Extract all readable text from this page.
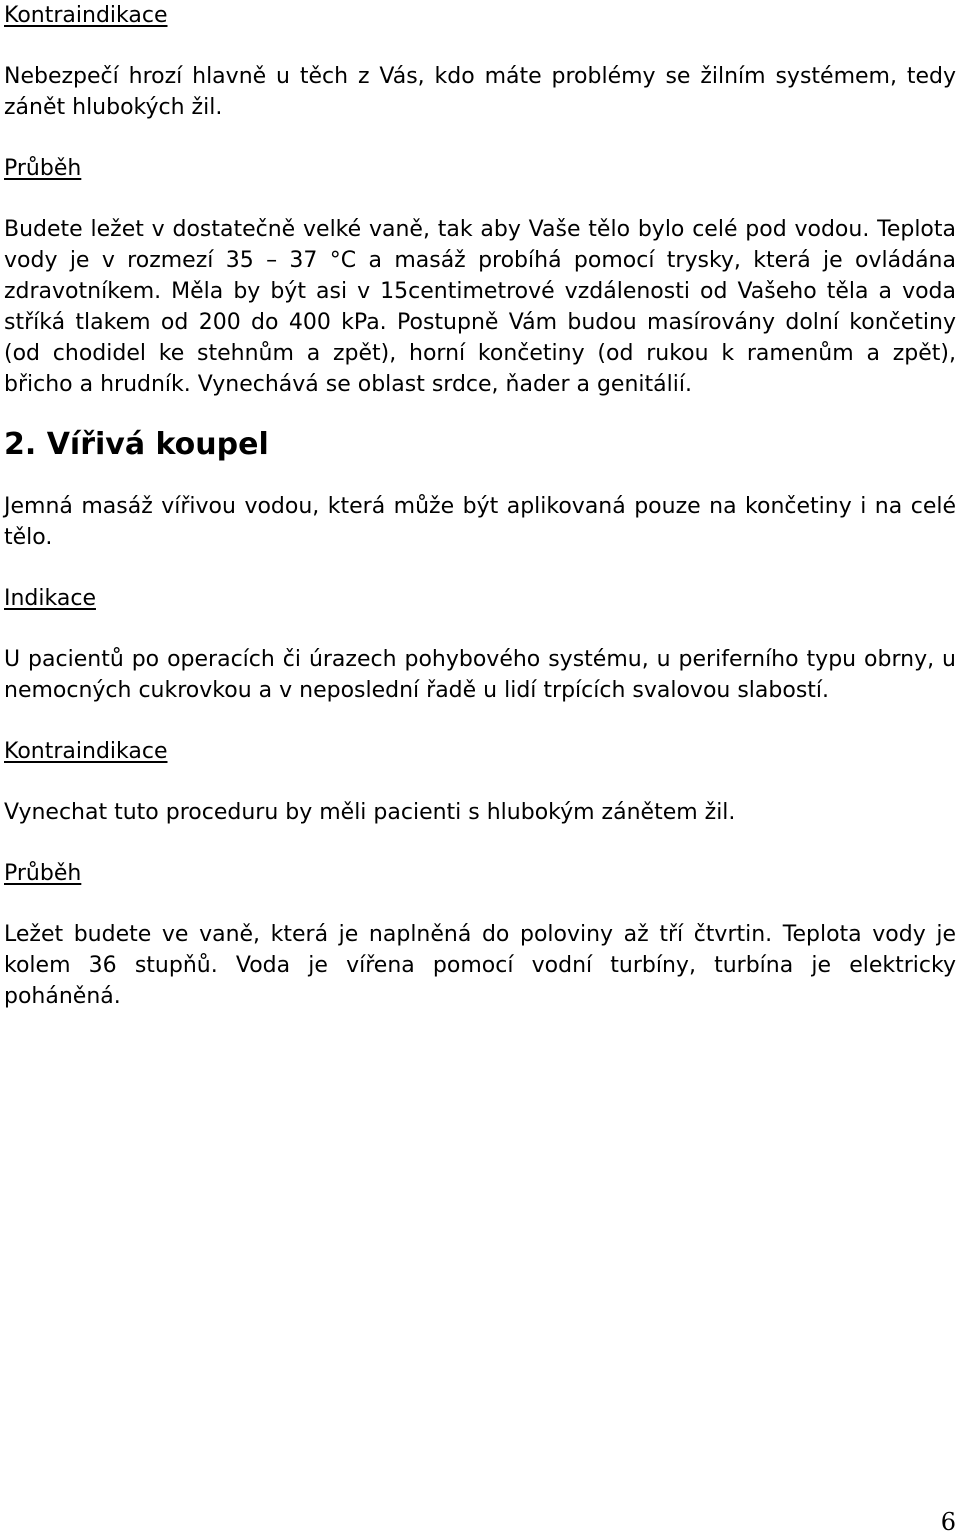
Kontraindikace

Nebezpečí hrozí hlavně u těch z Vás, kdo máte problémy se žilním systémem, tedy zánět hlubokých žil.

Průběh

Budete ležet v dostatečně velké vaně, tak aby Vaše tělo bylo celé pod vodou. Teplota vody je v rozmezí 35 – 37 °C a masáž probíhá pomocí trysky, která je ovládána zdravotníkem. Měla by být asi v 15centimetrové vzdálenosti od Vašeho těla a voda stříká tlakem od 200 do 400 kPa. Postupně Vám budou masírovány dolní končetiny (od chodidel ke stehnům a zpět), horní končetiny (od rukou k ramenům a zpět), břicho a hrudník. Vynechává se oblast srdce, ňader a genitálií.

2. Vířivá koupel

Jemná masáž vířivou vodou, která může být aplikovaná pouze na končetiny i na celé tělo.

Indikace

U pacientů po operacích či úrazech pohybového systému, u periferního typu obrny, u nemocných cukrovkou a v neposlední řadě u lidí trpících svalovou slabostí.

Kontraindikace

Vynechat tuto proceduru by měli pacienti s hlubokým zánětem žil.

Průběh

Ležet budete ve vaně, která je naplněná do poloviny až tří čtvrtin. Teplota vody je kolem 36 stupňů. Voda je vířena pomocí vodní turbíny, turbína je elektricky poháněná.

6
